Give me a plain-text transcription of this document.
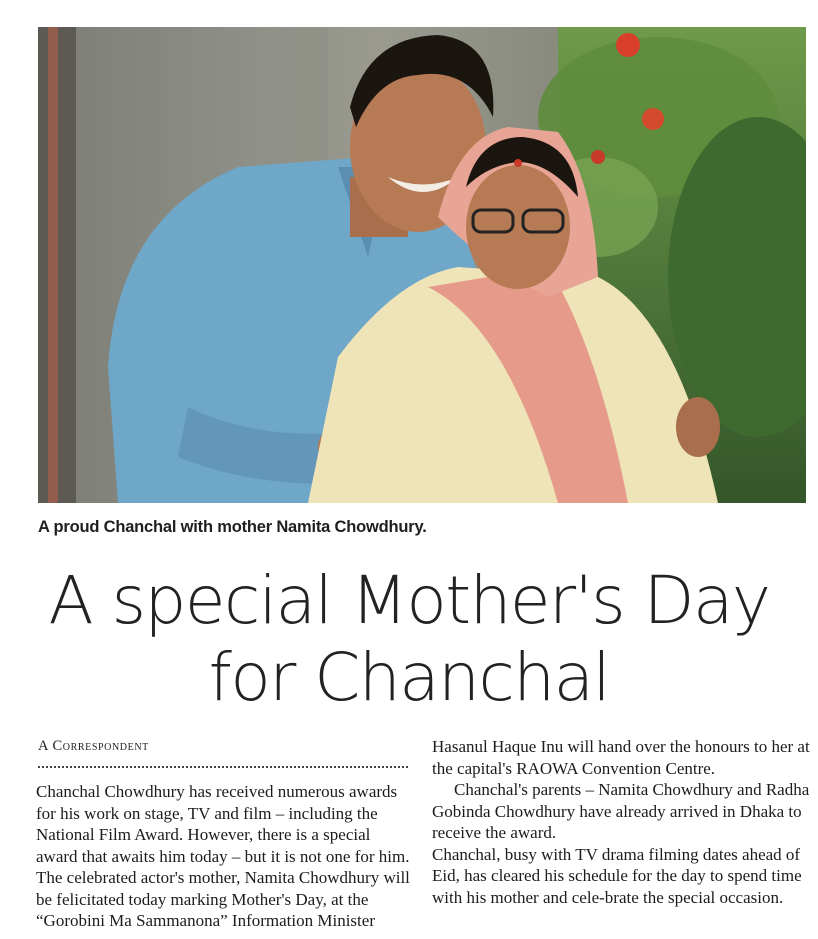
A proud Chanchal with mother Namita Chowdhury.
A special Mother's Day
for Chanchal
A Correspondent

Chanchal Chowdhury has received numerous awards for his work on stage, TV and film – including the National Film Award. However, there is a special award that awaits him today – but it is not one for him. The celebrated actor's mother, Namita Chowdhury will be felicitated today marking Mother's Day, at the “Gorobini Ma Sammanona” Information Minister

Hasanul Haque Inu will hand over the honours to her at the capital's RAOWA Convention Centre.

Chanchal's parents – Namita Chowdhury and Radha Gobinda Chowdhury have already arrived in Dhaka to receive the award.

Chanchal, busy with TV drama filming dates ahead of Eid, has cleared his schedule for the day to spend time with his mother and cele-brate the special occasion.
